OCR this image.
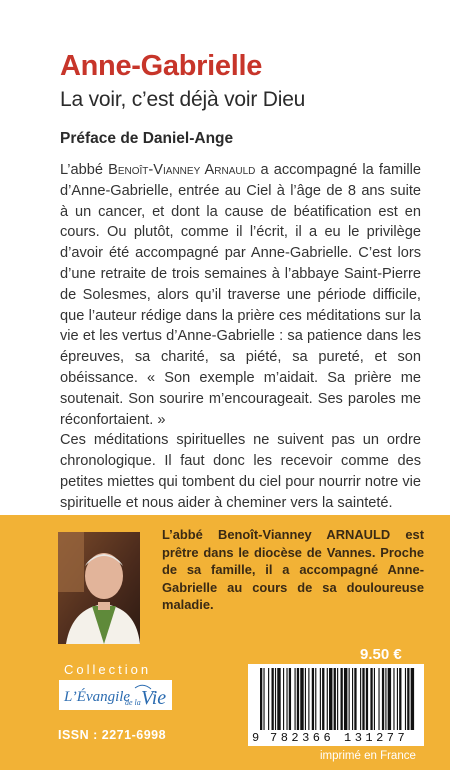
Anne-Gabrielle
La voir, c’est déjà voir Dieu
Préface de Daniel-Ange

L’abbé Benoît-Vianney Arnauld a accompagné la famille d’Anne-Gabrielle, entrée au Ciel à l’âge de 8 ans suite à un cancer, et dont la cause de béatification est en cours. Ou plutôt, comme il l’écrit, il a eu le privilège d’avoir été accompagné par Anne-Gabrielle. C’est lors d’une retraite de trois semaines à l’abbaye Saint-Pierre de Solesmes, alors qu’il traverse une période difficile, que l’auteur rédige dans la prière ces méditations sur la vie et les vertus d’Anne-Gabrielle : sa patience dans les épreuves, sa charité, sa piété, sa pureté, et son obéissance. « Son exemple m’aidait. Sa prière me soutenait. Son sourire m’encourageait. Ses paroles me réconfortaient. »

Ces méditations spirituelles ne suivent pas un ordre chronologique. Il faut donc les recevoir comme des petites miettes qui tombent du ciel pour nourrir notre vie spirituelle et nous aider à cheminer vers la sainteté.

L’abbé Benoît-Vianney ARNAULD est prêtre dans le diocèse de Vannes. Proche de sa famille, il a accompagné Anne-Gabrielle au cours de sa douloureuse maladie.
9.50 €
Collection
L’Évangile
de la Vie
ISSN : 2271-6998	9 782366 131277
imprimé en France
